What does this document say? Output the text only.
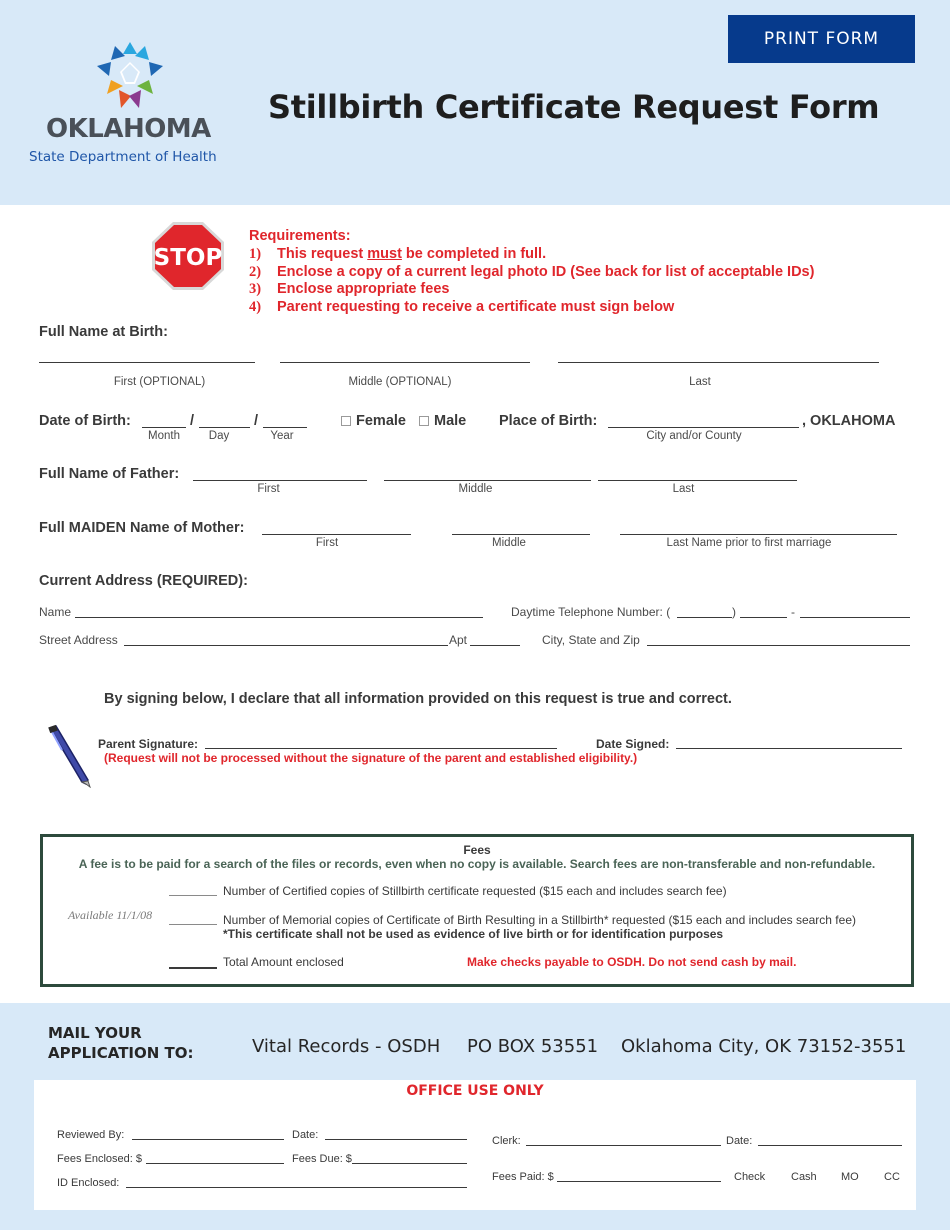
OKLAHOMA
State Department of Health
PRINT FORM
Stillbirth Certificate Request Form
STOP
Requirements:
1) This request must be completed in full.
2) Enclose a copy of a current legal photo ID (See back for list of acceptable IDs)
3) Enclose appropriate fees
4) Parent requesting to receive a certificate must sign below
Full Name at Birth:
First (OPTIONAL)	Middle (OPTIONAL)	Last
Date of Birth:	/	/
Month	Day	Year
Female Male Place of Birth:	, OKLAHOMA
City and/or County
Full Name of Father:
First	Middle	Last
Full MAIDEN Name of Mother:
First	Middle	Last Name prior to first marriage
Current Address (REQUIRED):
Name	Daytime Telephone Number: (	)	-
Street Address	Apt	City, State and Zip
By signing below, I declare that all information provided on this request is true and correct.
Parent Signature:	Date Signed:
(Request will not be processed without the signature of the parent and established eligibility.)
Fees
A fee is to be paid for a search of the files or records, even when no copy is available. Search fees are non-transferable and non-refundable.
Number of Certified copies of Stillbirth certificate requested ($15 each and includes search fee)
Available 11/1/08	Number of Memorial copies of Certificate of Birth Resulting in a Stillbirth* requested ($15 each and includes search fee)
*This certificate shall not be used as evidence of live birth or for identification purposes
Total Amount enclosed	Make checks payable to OSDH. Do not send cash by mail.
MAIL YOUR
APPLICATION TO:	Vital Records - OSDH PO BOX 53551 Oklahoma City, OK 73152-3551
OFFICE USE ONLY
Reviewed By:	Date:
Fees Enclosed: $	Fees Due: $
ID Enclosed:
Clerk:	Date:
Fees Paid: $	Check Cash MO CC
